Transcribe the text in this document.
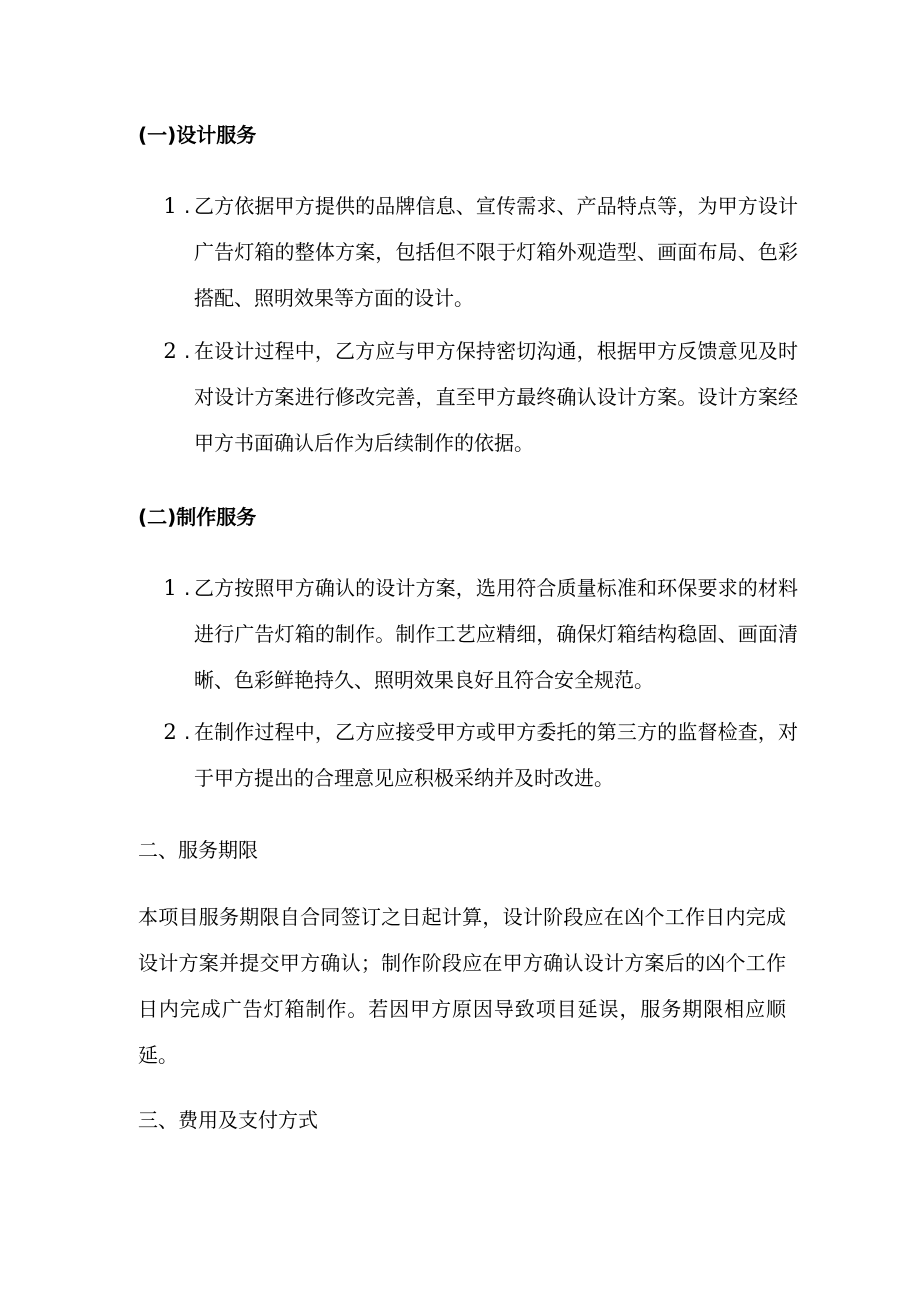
(一)设计服务
1 . 乙方依据甲方提供的品牌信息、宣传需求、产品特点等，为甲方设计广告灯箱的整体方案，包括但不限于灯箱外观造型、画面布局、色彩搭配、照明效果等方面的设计。
2 . 在设计过程中，乙方应与甲方保持密切沟通，根据甲方反馈意见及时对设计方案进行修改完善，直至甲方最终确认设计方案。设计方案经甲方书面确认后作为后续制作的依据。
(二)制作服务
1 . 乙方按照甲方确认的设计方案，选用符合质量标准和环保要求的材料进行广告灯箱的制作。制作工艺应精细，确保灯箱结构稳固、画面清晰、色彩鲜艳持久、照明效果良好且符合安全规范。
2 . 在制作过程中，乙方应接受甲方或甲方委托的第三方的监督检查，对于甲方提出的合理意见应积极采纳并及时改进。
二、服务期限
本项目服务期限自合同签订之日起计算，设计阶段应在凶个工作日内完成设计方案并提交甲方确认；制作阶段应在甲方确认设计方案后的凶个工作日内完成广告灯箱制作。若因甲方原因导致项目延误，服务期限相应顺延。
三、费用及支付方式
